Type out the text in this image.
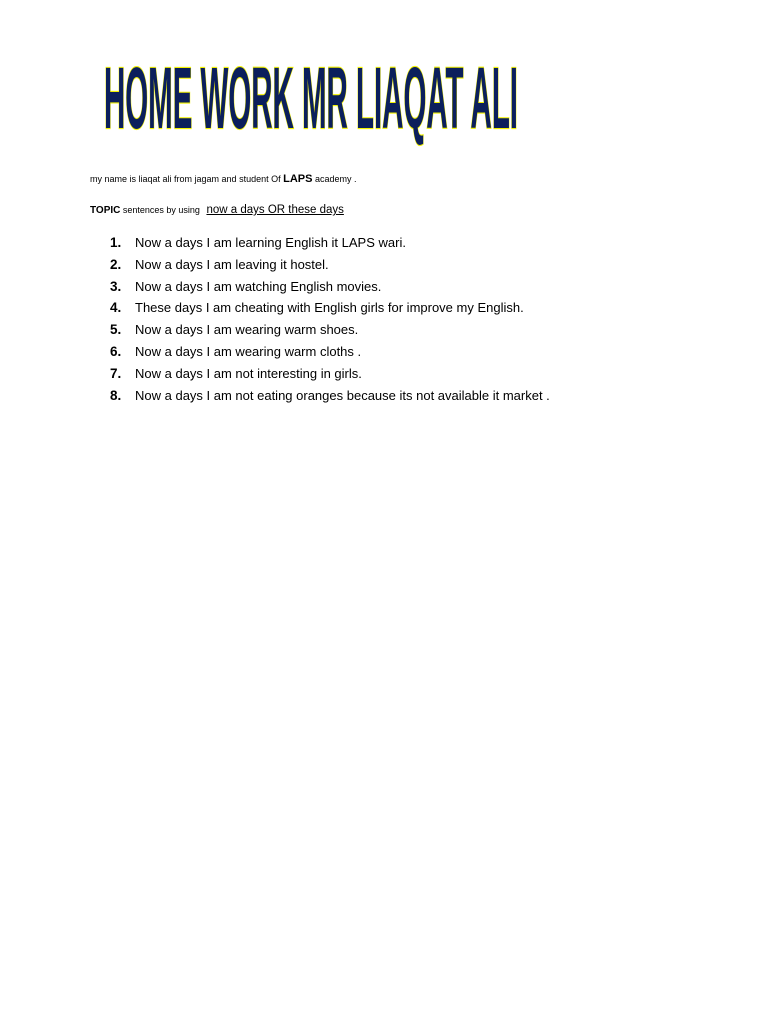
HOME WORK MR LIAQAT ALI
my name is liaqat ali from jagam and student Of LAPS academy .
TOPIC sentences by using now a days OR these days
1.	Now a days I am learning English it LAPS wari.
2.	Now a days I am leaving it hostel.
3.	Now a days I am watching English movies.
4.	These days I am cheating with English girls for improve my English.
5.	Now a days I am wearing warm shoes.
6.	Now a days I am wearing warm cloths .
7.	Now a days I am not interesting in girls.
8.	Now a days I am not eating oranges because its not available it market .
